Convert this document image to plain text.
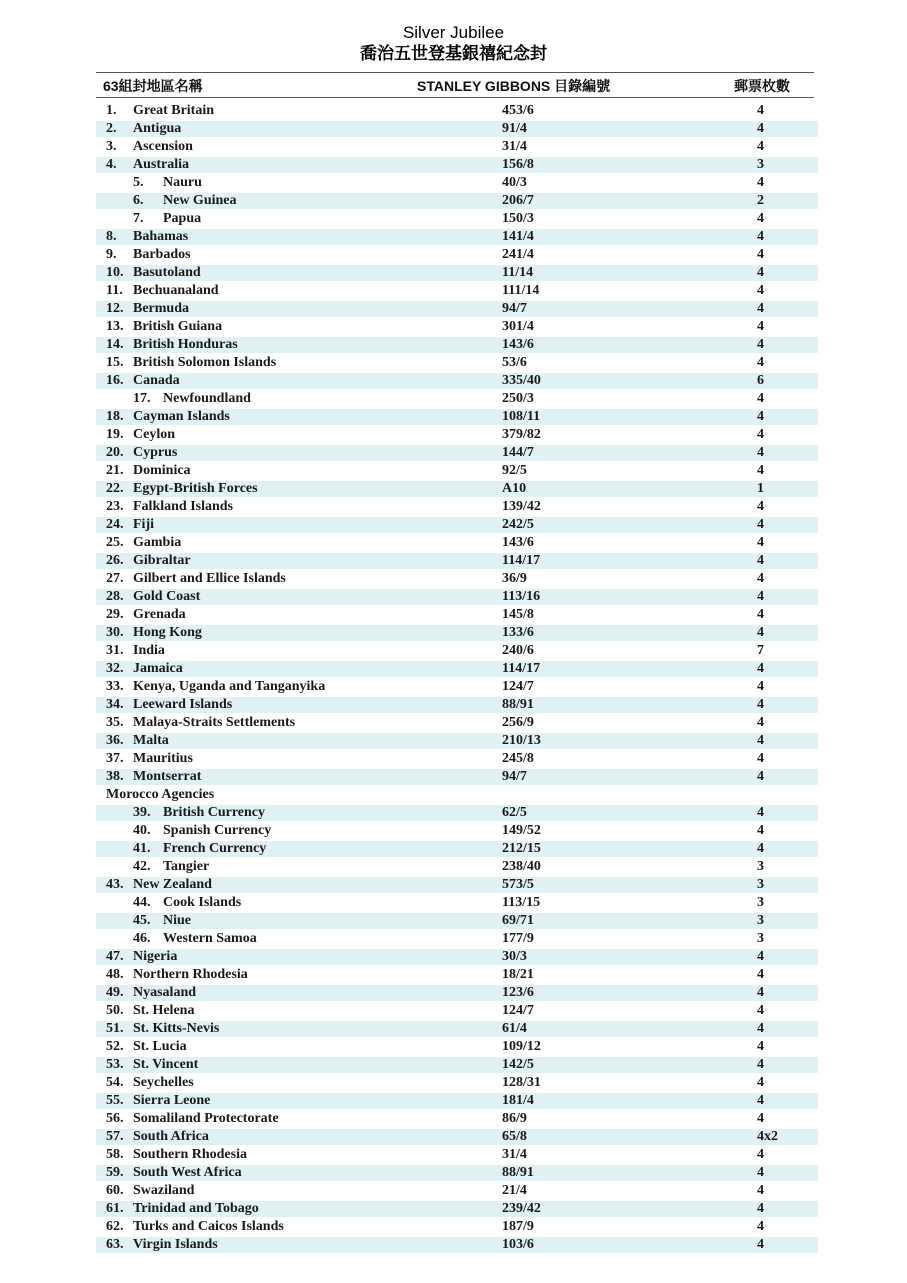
Silver Jubilee
喬治五世登基銀禧紀念封
63組封地區名稱	STANLEY GIBBONS 目錄編號	郵票枚數
1. Great Britain	453/6	4
2. Antigua	91/4	4
3. Ascension	31/4	4
4. Australia	156/8	3
5. Nauru	40/3	4
6. New Guinea	206/7	2
7. Papua	150/3	4
8. Bahamas	141/4	4
9. Barbados	241/4	4
10. Basutoland	11/14	4
11. Bechuanaland	111/14	4
12. Bermuda	94/7	4
13. British Guiana	301/4	4
14. British Honduras	143/6	4
15. British Solomon Islands	53/6	4
16. Canada	335/40	6
17. Newfoundland	250/3	4
18. Cayman Islands	108/11	4
19. Ceylon	379/82	4
20. Cyprus	144/7	4
21. Dominica	92/5	4
22. Egypt-British Forces	A10	1
23. Falkland Islands	139/42	4
24. Fiji	242/5	4
25. Gambia	143/6	4
26. Gibraltar	114/17	4
27. Gilbert and Ellice Islands	36/9	4
28. Gold Coast	113/16	4
29. Grenada	145/8	4
30. Hong Kong	133/6	4
31. India	240/6	7
32. Jamaica	114/17	4
33. Kenya, Uganda and Tanganyika	124/7	4
34. Leeward Islands	88/91	4
35. Malaya-Straits Settlements	256/9	4
36. Malta	210/13	4
37. Mauritius	245/8	4
38. Montserrat	94/7	4
Morocco Agencies
39. British Currency	62/5	4
40. Spanish Currency	149/52	4
41. French Currency	212/15	4
42. Tangier	238/40	3
43. New Zealand	573/5	3
44. Cook Islands	113/15	3
45. Niue	69/71	3
46. Western Samoa	177/9	3
47. Nigeria	30/3	4
48. Northern Rhodesia	18/21	4
49. Nyasaland	123/6	4
50. St. Helena	124/7	4
51. St. Kitts-Nevis	61/4	4
52. St. Lucia	109/12	4
53. St. Vincent	142/5	4
54. Seychelles	128/31	4
55. Sierra Leone	181/4	4
56. Somaliland Protectorate	86/9	4
57. South Africa	65/8	4x2
58. Southern Rhodesia	31/4	4
59. South West Africa	88/91	4
60. Swaziland	21/4	4
61. Trinidad and Tobago	239/42	4
62. Turks and Caicos Islands	187/9	4
63. Virgin Islands	103/6	4
